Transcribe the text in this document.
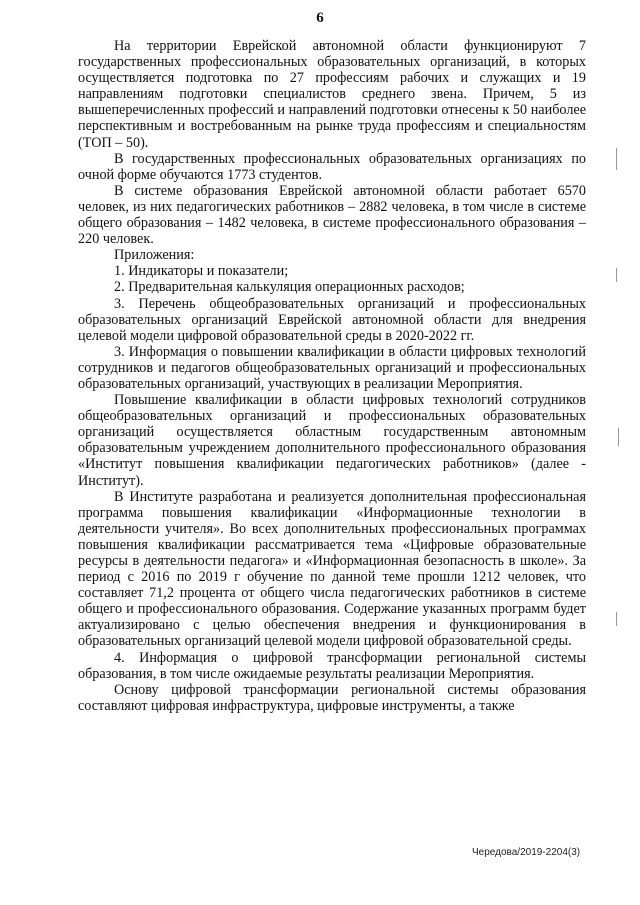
6

На территории Еврейской автономной области функционируют 7 государственных профессиональных образовательных организаций, в которых осуществляется подготовка по 27 профессиям рабочих и служащих и 19 направлениям подготовки специалистов среднего звена. Причем, 5 из вышеперечисленных профессий и направлений подготовки отнесены к 50 наиболее перспективным и востребованным на рынке труда профессиям и специальностям (ТОП – 50).

В государственных профессиональных образовательных организациях по очной форме обучаются 1773 студентов.

В системе образования Еврейской автономной области работает 6570 человек, из них педагогических работников – 2882 человека, в том числе в системе общего образования – 1482 человека, в системе профессионального образования – 220 человек.

Приложения:

1. Индикаторы и показатели;

2. Предварительная калькуляция операционных расходов;

3. Перечень общеобразовательных организаций и профессиональных образовательных организаций Еврейской автономной области для внедрения целевой модели цифровой образовательной среды в 2020-2022 гг.

3. Информация о повышении квалификации в области цифровых технологий сотрудников и педагогов общеобразовательных организаций и профессиональных образовательных организаций, участвующих в реализации Мероприятия.

Повышение квалификации в области цифровых технологий сотрудников общеобразовательных организаций и профессиональных образовательных организаций осуществляется областным государственным автономным образовательным учреждением дополнительного профессионального образования «Институт повышения квалификации педагогических работников» (далее - Институт).

В Институте разработана и реализуется дополнительная профессиональная программа повышения квалификации «Информационные технологии в деятельности учителя». Во всех дополнительных профессиональных программах повышения квалификации рассматривается тема «Цифровые образовательные ресурсы в деятельности педагога» и «Информационная безопасность в школе». За период с 2016 по 2019 г обучение по данной теме прошли 1212 человек, что составляет 71,2 процента от общего числа педагогических работников в системе общего и профессионального образования. Содержание указанных программ будет актуализировано с целью обеспечения внедрения и функционирования в образовательных организаций целевой модели цифровой образовательной среды.

4. Информация о цифровой трансформации региональной системы образования, в том числе ожидаемые результаты реализации Мероприятия.

Основу цифровой трансформации региональной системы образования составляют цифровая инфраструктура, цифровые инструменты, а также

Чередова/2019-2204(3)
